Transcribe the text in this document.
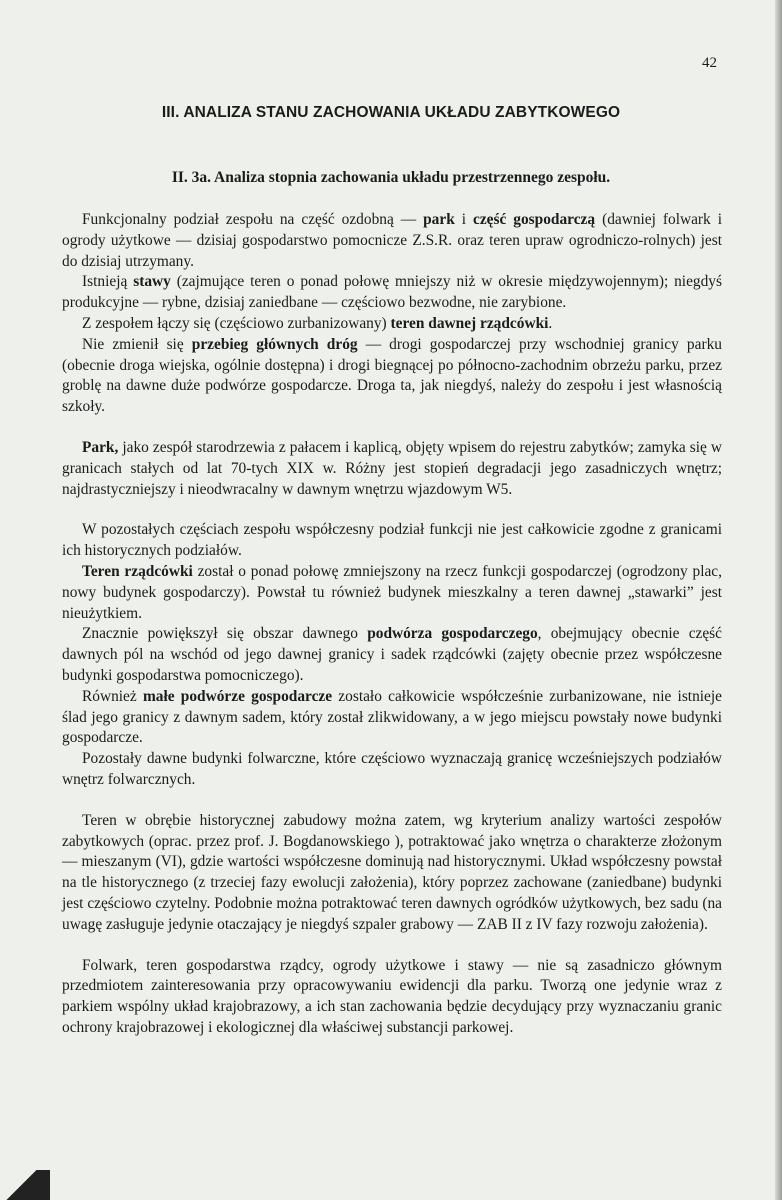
42
III. ANALIZA STANU ZACHOWANIA UKŁADU ZABYTKOWEGO
II. 3a. Analiza stopnia zachowania układu przestrzennego zespołu.

Funkcjonalny podział zespołu na część ozdobną — park i część gospodarczą (dawniej folwark i ogrody użytkowe — dzisiaj gospodarstwo pomocnicze Z.S.R. oraz teren upraw ogrodniczo-rolnych) jest do dzisiaj utrzymany.

Istnieją stawy (zajmujące teren o ponad połowę mniejszy niż w okresie międzywojennym); niegdyś produkcyjne — rybne, dzisiaj zaniedbane — częściowo bezwodne, nie zarybione.

Z zespołem łączy się (częściowo zurbanizowany) teren dawnej rządcówki.

Nie zmienił się przebieg głównych dróg — drogi gospodarczej przy wschodniej granicy parku (obecnie droga wiejska, ogólnie dostępna) i drogi biegnącej po północno-zachodnim obrzeżu parku, przez groblę na dawne duże podwórze gospodarcze. Droga ta, jak niegdyś, należy do zespołu i jest własnością szkoły.

Park, jako zespół starodrzewia z pałacem i kaplicą, objęty wpisem do rejestru zabytków; zamyka się w granicach stałych od lat 70-tych XIX w. Różny jest stopień degradacji jego zasadniczych wnętrz; najdrastyczniejszy i nieodwracalny w dawnym wnętrzu wjazdowym W5.

W pozostałych częściach zespołu współczesny podział funkcji nie jest całkowicie zgodne z granicami ich historycznych podziałów.

Teren rządcówki został o ponad połowę zmniejszony na rzecz funkcji gospodarczej (ogrodzony plac, nowy budynek gospodarczy). Powstał tu również budynek mieszkalny a teren dawnej „stawarki” jest nieużytkiem.

Znacznie powiększył się obszar dawnego podwórza gospodarczego, obejmujący obecnie część dawnych pól na wschód od jego dawnej granicy i sadek rządcówki (zajęty obecnie przez współczesne budynki gospodarstwa pomocniczego).

Również małe podwórze gospodarcze zostało całkowicie współcześnie zurbanizowane, nie istnieje ślad jego granicy z dawnym sadem, który został zlikwidowany, a w jego miejscu powstały nowe budynki gospodarcze.

Pozostały dawne budynki folwarczne, które częściowo wyznaczają granicę wcześniejszych podziałów wnętrz folwarcznych.

Teren w obrębie historycznej zabudowy można zatem, wg kryterium analizy wartości zespołów zabytkowych (oprac. przez prof. J. Bogdanowskiego ), potraktować jako wnętrza o charakterze złożonym — mieszanym (VI), gdzie wartości współczesne dominują nad historycznymi. Układ współczesny powstał na tle historycznego (z trzeciej fazy ewolucji założenia), który poprzez zachowane (zaniedbane) budynki jest częściowo czytelny. Podobnie można potraktować teren dawnych ogródków użytkowych, bez sadu (na uwagę zasługuje jedynie otaczający je niegdyś szpaler grabowy — ZAB II z IV fazy rozwoju założenia).

Folwark, teren gospodarstwa rządcy, ogrody użytkowe i stawy — nie są zasadniczo głównym przedmiotem zainteresowania przy opracowywaniu ewidencji dla parku. Tworzą one jedynie wraz z parkiem wspólny układ krajobrazowy, a ich stan zachowania będzie decydujący przy wyznaczaniu granic ochrony krajobrazowej i ekologicznej dla właściwej substancji parkowej.
